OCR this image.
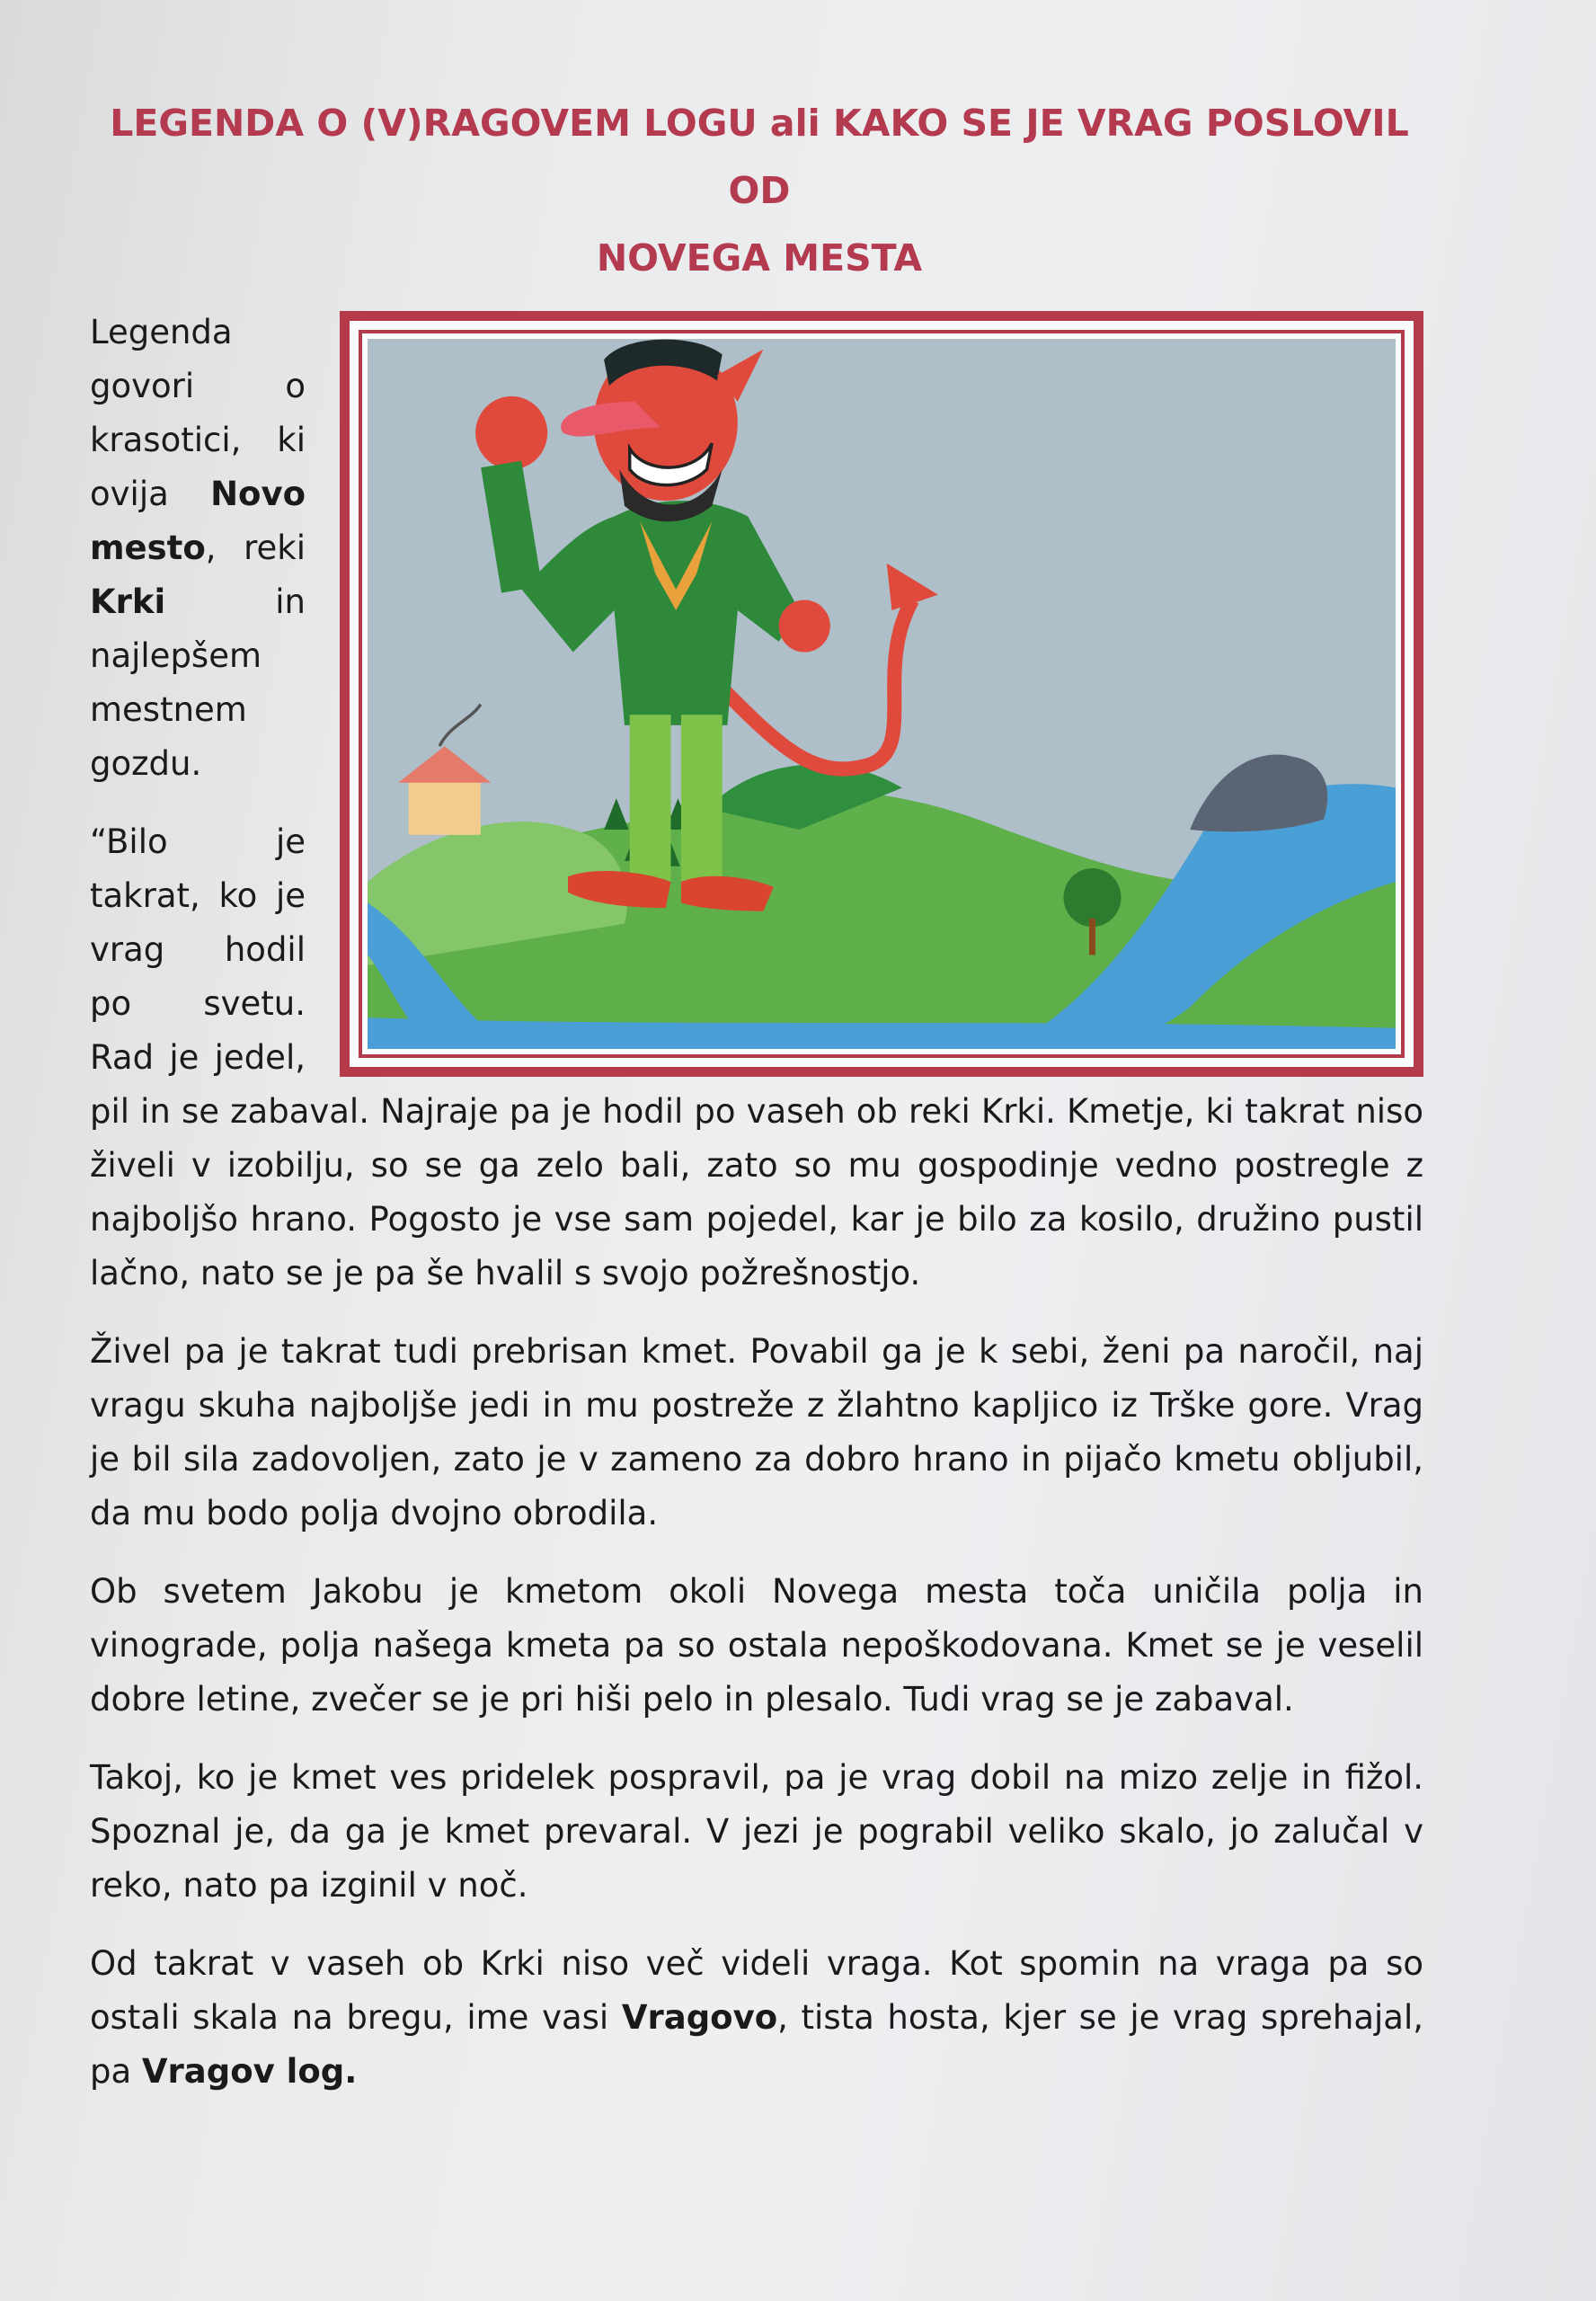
LEGENDA O (V)RAGOVEM LOGU ali KAKO SE JE VRAG POSLOVIL OD
NOVEGA MESTA

Legenda govori o krasotici, ki ovija Novo mesto, reki Krki in najlepšem mestnem gozdu.

“Bilo je takrat, ko je vrag hodil po svetu. Rad je jedel, pil in se zabaval. Najraje pa je hodil po vaseh ob reki Krki. Kmetje, ki takrat niso živeli v izobilju, so se ga zelo bali, zato so mu gospodinje vedno postregle z najboljšo hrano. Pogosto je vse sam pojedel, kar je bilo za kosilo, družino pustil lačno, nato se je pa še hvalil s svojo požrešnostjo.

Živel pa je takrat tudi prebrisan kmet. Povabil ga je k sebi, ženi pa naročil, naj vragu skuha najboljše jedi in mu postreže z žlahtno kapljico iz Trške gore. Vrag je bil sila zadovoljen, zato je v zameno za dobro hrano in pijačo kmetu obljubil, da mu bodo polja dvojno obrodila.

Ob svetem Jakobu je kmetom okoli Novega mesta toča uničila polja in vinograde, polja našega kmeta pa so ostala nepoškodovana. Kmet se je veselil dobre letine, zvečer se je pri hiši pelo in plesalo. Tudi vrag se je zabaval.

Takoj, ko je kmet ves pridelek pospravil, pa je vrag dobil na mizo zelje in fižol. Spoznal je, da ga je kmet prevaral. V jezi je pograbil veliko skalo, jo zalučal v reko, nato pa izginil v noč.

Od takrat v vaseh ob Krki niso več videli vraga. Kot spomin na vraga pa so ostali skala na bregu, ime vasi Vragovo, tista hosta, kjer se je vrag sprehajal, pa Vragov log.
